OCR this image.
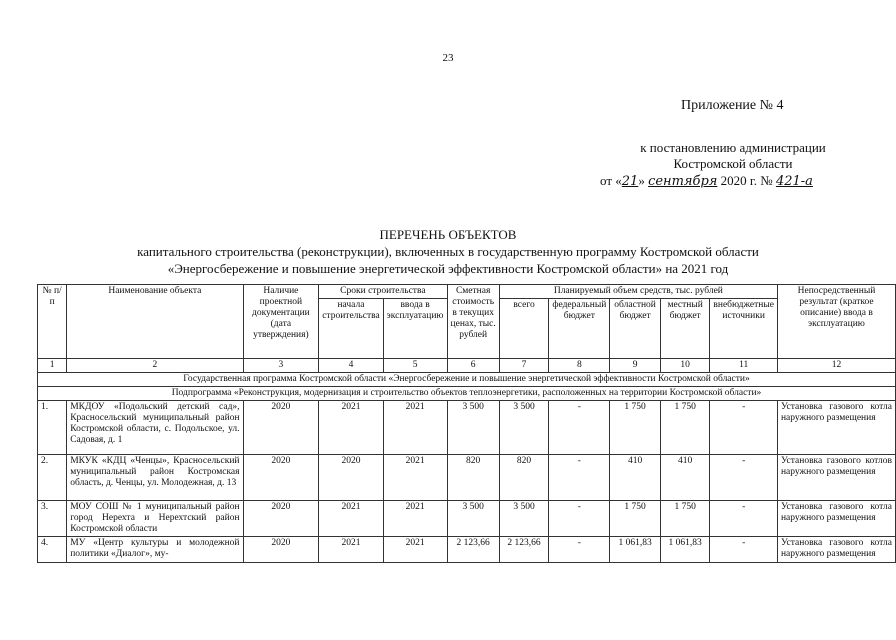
23
Приложение № 4
к постановлению администрации
Костромской области
от «21» сентября 2020 г. № 421-а
ПЕРЕЧЕНЬ ОБЪЕКТОВ
капитального строительства (реконструкции), включенных в государственную программу Костромской области
«Энергосбережение и повышение энергетической эффективности Костромской области» на 2021 год
№ п/п	Наименование объекта	Наличие проектной документации (дата утверждения)	Сроки строительства		Сметная стоимость в текущих ценах, тыс. рублей	Планируемый объем средств, тыс. рублей					Непосредственный результат (краткое описание) ввода в эксплуатацию
			начала строительства	ввода в эксплуатацию		всего	федеральный бюджет	областной бюджет	местный бюджет	внебюджетные источники	
1	2	3	4	5	6	7	8	9	10	11	12
Государственная программа Костромской области «Энергосбережение и повышение энергетической эффективности Костромской области»											
Подпрограмма «Реконструкция, модернизация и строительство объектов теплоэнергетики, расположенных на территории Костромской области»											
1.	МКДОУ «Подольский детский сад», Красносельский муниципальный район Костромской области, с. Подольское, ул. Садовая, д. 1	2020	2021	2021	3 500	3 500	-	1 750	1 750	-	Установка газового котла наружного размещения
2.	МКУК «КДЦ «Ченцы», Красносельский муниципальный район Костромская область, д. Ченцы, ул. Молодежная, д. 13	2020	2020	2021	820	820	-	410	410	-	Установка газового котлов наружного размещения
3.	МОУ СОШ № 1 муниципальный район город Нерехта и Нерехтский район Костромской области	2020	2021	2021	3 500	3 500	-	1 750	1 750	-	Установка газового котла наружного размещения
4.	МУ «Центр культуры и молодежной политики «Диалог», му-	2020	2021	2021	2 123,66	2 123,66	-	1 061,83	1 061,83	-	Установка газового котла наружного размещения
